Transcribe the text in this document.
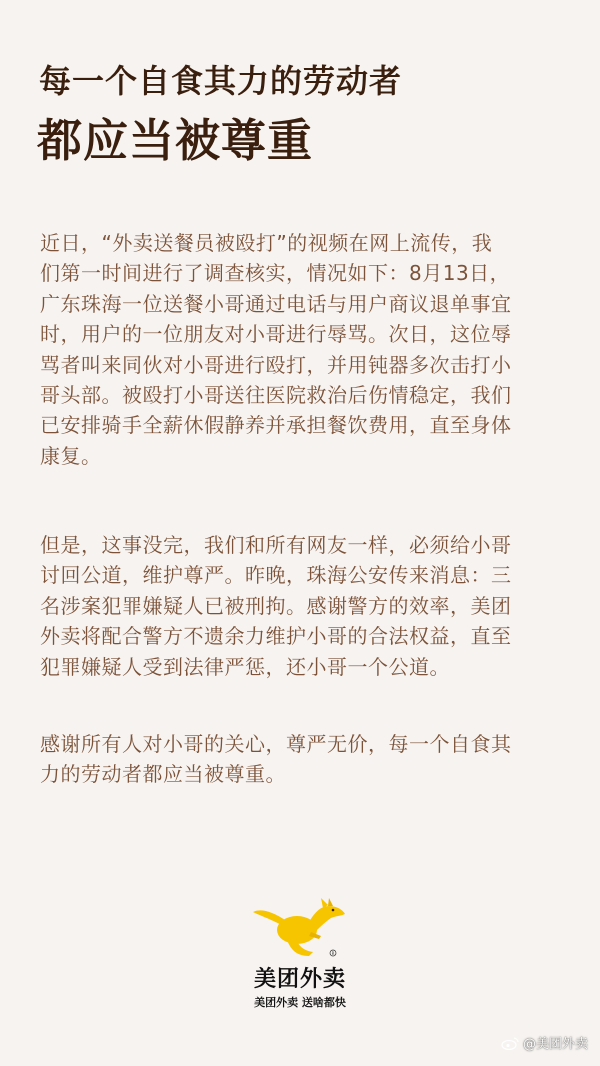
每一个自食其力的劳动者
都应当被尊重

近日，“外卖送餐员被殴打”的视频在网上流传，我
们第一时间进行了调查核实，情况如下：8月13日，
广东珠海一位送餐小哥通过电话与用户商议退单事宜
时，用户的一位朋友对小哥进行辱骂。次日，这位辱
骂者叫来同伙对小哥进行殴打，并用钝器多次击打小
哥头部。被殴打小哥送往医院救治后伤情稳定，我们
已安排骑手全薪休假静养并承担餐饮费用，直至身体
康复。

但是，这事没完，我们和所有网友一样，必须给小哥
讨回公道，维护尊严。昨晚，珠海公安传来消息：三
名涉案犯罪嫌疑人已被刑拘。感谢警方的效率，美团
外卖将配合警方不遗余力维护小哥的合法权益，直至
犯罪嫌疑人受到法律严惩，还小哥一个公道。

感谢所有人对小哥的关心，尊严无价，每一个自食其
力的劳动者都应当被尊重。

R
美团外卖
美团外卖 送啥都快
@美团外卖
